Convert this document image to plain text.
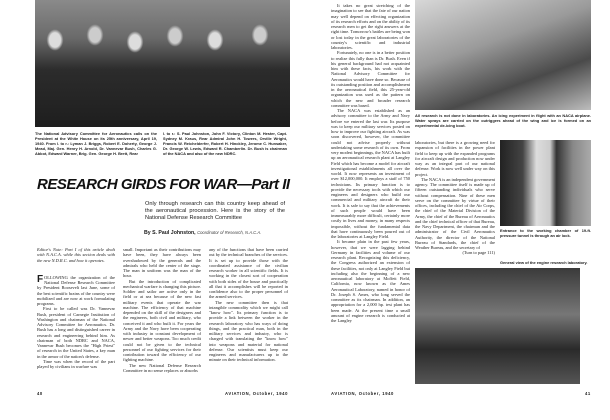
The National Advisory Committee for Aeronautics calls on the President at the White House on its 25th anniversary, April 19, 1940. From l. to r.: Lyman J. Briggs, Robert E. Doherty, George J. Mead, Maj. Gen. Henry H. Arnold, Dr. Vannevar Bush, Charles G. Abbot, Edward Warner, Brig. Gen. George H. Brett, Rear
l. to r.: S. Paul Johnston, John F. Victory, Clinton M. Hester, Capt. Sydney M. Kraus, Rear Admiral John H. Towers, Orville Wright, Francis W. Reichelderfer, Robert H. Hinckley, Jerome C. Hunsaker, Dr. George W. Lewis, Edward R. Chamberlin. Dr. Bush is chairman of the NACA and also of the new NDRC.
RESEARCH GIRDS FOR WAR—Part II
Only through research can this country keep ahead of the aeronautical procession. Here is the story of the National Defense Research Committee
By S. Paul Johnston, Coordinator of Research, N.A.C.A.
Editor's Note: Part I of this article dealt with N.A.C.A. while this section deals with the new N.D.R.C. and how it operates.
FOLLOWING the organization of the National Defense Research Committee by President Roosevelt last June, some of the best scientific brains of the country were mobilized and are now at work formulating programs.

First to be called was Dr. Vannevar Bush, president of Carnegie Institution of Washington and chairman of the National Advisory Committee for Aeronautics. Dr. Bush has a long and distinguished career in research and engineering behind him. As chairman of both NDRC and NACA, Vannevar Bush becomes the "High Priest" of research in the United States, a key man in the armor of the nation's defense.

Time was when the record of the part played by civilians in warfare was

small. Important as their contributions may have been, they have always been overshadowed by the generals and the admirals who held the center of the stage. The man in uniform was the man of the hour.

But the introduction of complicated mechanical warfare is changing this picture. Soldier and sailor are active only in the field or at sea because of the new fast military events that operate the war machine. The efficiency of that machine depended on the skill of the designers and the engineers, both civil and military, who conceived it and who built it. For years the Army and the Navy have been cooperating with industry in constant development of newer and better weapons. Too much credit could not be given to the technical personnel of our fighting services for their contribution toward the efficiency of our fighting machine.

The new National Defense Research Committee in no sense replaces or absorbs

any of the functions that have been carried out by the technical branches of the services. It is set up to provide those with the coordinated assistance of the civilian research worker in all scientific fields. It is working in the closest sort of cooperation with both sides of the house and practically all that it accomplishes will be reported in confidence also to the proper personnel of the armed services.

The new committee then is that intangible commodity which we might call "know how". Its primary function is to provide a link between the worker in the research laboratory who has ways of doing things, and the practical man, both in the military services and industry, who is charged with translating the "know how" into weapons and material for national defense. Our scientists must keep our engineers and manufacturers up to the minute on their technical information.

40	AVIATION, October, 1940

It takes no great stretching of the imagination to see that the fate of our nation may well depend on effecting organization of its research efforts and on the ability of its research men to get the right answers at the right time. Tomorrow's battles are being won or lost today in the great laboratories of the country's scientific and industrial laboratories.

Fortunately, no one is in a better position to realize this fully than is Dr. Bush. Even if his general background had not acquainted him with these facts, his work with the National Advisory Committee for Aeronautics would have done so. Because of its outstanding position and accomplishment in the aeronautical field, this 25-year-old organization was used as the pattern on which the new and broader research committee was based.

The NACA was established as an advisory committee to the Army and Navy before we entered the last war. Its purpose was to keep our military services posted on how to improve our fighting aircraft. As was soon discovered, however, the committee could not advise properly without undertaking some research of its own. From very modest beginnings, the NACA has built up an aeronautical research plant at Langley Field which has become a model for aircraft investigational establishments all over the world. It now represents an investment of over $12,000,000. It employs a staff of 750 technicians. Its primary function is to provide the necessary tools with which our engineers and designers who build our commercial and military aircraft do their work. It is safe to say that the achievements of such people would have been immeasurably more difficult, certainly more costly in lives and money, in many respects impossible, without the fundamental data that have continuously been poured out of the laboratories at Langley Field.

It became plain in the past few years, however, that we were lagging behind Germany in facilities and volume of our research plant. Recognizing this deficiency, the Congress authorized an extension of these facilities, not only at Langley Field but including also the beginning of a new aeronautical laboratory at Moffett Field, California, now known as the Ames Aeronautical Laboratory, named in honor of Dr. Joseph S. Ames, who long served the committee as its chairman. In addition, an appropriation for a 2,000 hp. test plant has been made. At the present time a small amount of engine research is conducted at the Langley

All research is not done in laboratories. An icing experiment in flight with an NACA airplane. Water sprays are carried on the outriggers ahead of the wing and ice is formed on an experimental de-icing boot.
laboratories, but there is a growing need for expansion of facilities in the power plant field to keep up with the expanded programs for aircraft design and production now under way as an integral part of our national defense. Work is now well under way on this project.

The NACA is an independent government agency. The committee itself is made up of fifteen outstanding individuals who serve without compensation. Nine of these men serve on the committee by virtue of their offices, including the chief of the Air Corps, the chief of the Material Division of the Army, the chief of the Bureau of Aeronautics and the chief technical officer of that Bureau, the Navy Department, the chairman and the administrator of the Civil Aeronautics Authority, the director of the National Bureau of Standards, the chief of the Weather Bureau, and the secretary of

(Turn to page 111)
Entrance to the working chamber of 19-ft. pressure tunnel is through an air lock.
General view of the engine research laboratory.
AVIATION, October, 1940	41
